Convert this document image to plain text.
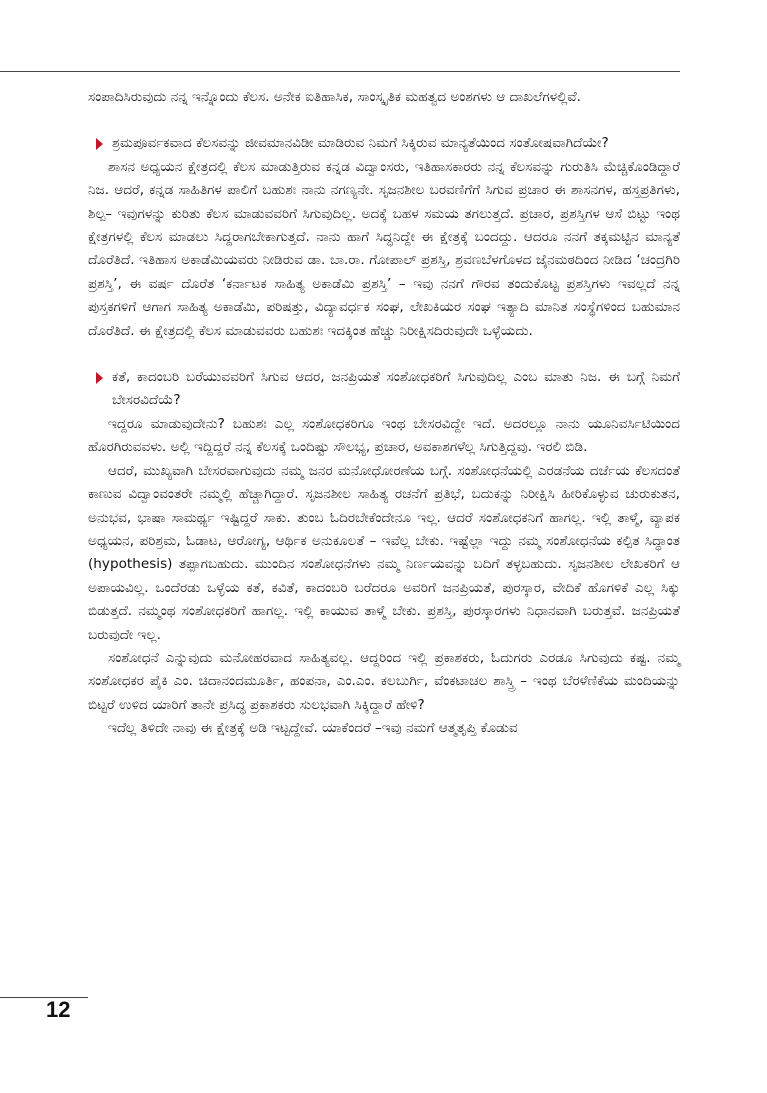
ಸಂಪಾದಿಸಿರುವುದು ನನ್ನ ಇನ್ನೊಂದು ಕೆಲಸ. ಅನೇಕ ಐತಿಹಾಸಿಕ, ಸಾಂಸ್ಕೃತಿಕ ಮಹತ್ವದ ಅಂಶಗಳು ಆ ದಾಖಲೆಗಳಲ್ಲಿವೆ.

ಶ್ರಮಪೂರ್ವಕವಾದ ಕೆಲಸವನ್ನು ಜೀವಮಾನವಿಡೀ ಮಾಡಿರುವ ನಿಮಗೆ ಸಿಕ್ಕಿರುವ ಮಾನ್ಯತೆಯಿಂದ ಸಂತೋಷವಾಗಿದೆಯೇ?

ಶಾಸನ ಅಧ್ಯಯನ ಕ್ಷೇತ್ರದಲ್ಲಿ ಕೆಲಸ ಮಾಡುತ್ತಿರುವ ಕನ್ನಡ ವಿದ್ವಾಂಸರು, ಇತಿಹಾಸಕಾರರು ನನ್ನ ಕೆಲಸವನ್ನು ಗುರುತಿಸಿ ಮೆಚ್ಚಿಕೊಂಡಿದ್ದಾರೆ ನಿಜ. ಆದರೆ, ಕನ್ನಡ ಸಾಹಿತಿಗಳ ಪಾಲಿಗೆ ಬಹುಶಃ ನಾನು ನಗಣ್ಯನೇ. ಸೃಜನಶೀಲ ಬರವಣಿಗೆಗೆ ಸಿಗುವ ಪ್ರಚಾರ ಈ ಶಾಸನಗಳ, ಹಸ್ತಪ್ರತಿಗಳು, ಶಿಲ್ಪ– ಇವುಗಳನ್ನು ಕುರಿತು ಕೆಲಸ ಮಾಡುವವರಿಗೆ ಸಿಗುವುದಿಲ್ಲ. ಅದಕ್ಕೆ ಬಹಳ ಸಮಯ ತಗಲುತ್ತದೆ. ಪ್ರಚಾರ, ಪ್ರಶಸ್ತಿಗಳ ಆಸೆ ಬಿಟ್ಟು ಇಂಥ ಕ್ಷೇತ್ರಗಳಲ್ಲಿ ಕೆಲಸ ಮಾಡಲು ಸಿದ್ದರಾಗಬೇಕಾಗುತ್ತದೆ. ನಾನು ಹಾಗೆ ಸಿದ್ಧನಿದ್ದೇ ಈ ಕ್ಷೇತ್ರಕ್ಕೆ ಬಂದದ್ದು. ಆದರೂ ನನಗೆ ತಕ್ಕಮಟ್ಟಿನ ಮಾನ್ಯತೆ ದೊರೆತಿದೆ. ಇತಿಹಾಸ ಅಕಾಡೆಮಿಯವರು ನೀಡಿರುವ ಡಾ. ಬಾ.ರಾ. ಗೋಪಾಲ್ ಪ್ರಶಸ್ತಿ, ಶ್ರವಣಬೆಳಗೊಳದ ಜೈನಮಠದಿಂದ ನೀಡಿದ ‘ಚಂದ್ರಗಿರಿ ಪ್ರಶಸ್ತಿ’, ಈ ವರ್ಷ ದೊರೆತ ‘ಕರ್ನಾಟಕ ಸಾಹಿತ್ಯ ಅಕಾಡೆಮಿ ಪ್ರಶಸ್ತಿ’ – ಇವು ನನಗೆ ಗೌರವ ತಂದುಕೊಟ್ಟ ಪ್ರಶಸ್ತಿಗಳು ಇವಲ್ಲದೆ ನನ್ನ ಪುಸ್ತಕಗಳಿಗೆ ಆಗಾಗ ಸಾಹಿತ್ಯ ಅಕಾಡೆಮಿ, ಪರಿಷತ್ತು, ವಿದ್ಯಾವರ್ಧಕ ಸಂಘ, ಲೇಖಕಿಯರ ಸಂಘ ಇತ್ಯಾದಿ ಮಾನಿತ ಸಂಸ್ಥೆಗಳಿಂದ ಬಹುಮಾನ ದೊರೆತಿದೆ. ಈ ಕ್ಷೇತ್ರದಲ್ಲಿ ಕೆಲಸ ಮಾಡುವವರು ಬಹುಶಃ ಇದಕ್ಕಿಂತ ಹೆಚ್ಚು ನಿರೀಕ್ಷಿಸದಿರುವುದೇ ಒಳ್ಳೆಯದು.

ಕತೆ, ಕಾದಂಬರಿ ಬರೆಯುವವರಿಗೆ ಸಿಗುವ ಆದರ, ಜನಪ್ರಿಯತೆ ಸಂಶೋಧಕರಿಗೆ ಸಿಗುವುದಿಲ್ಲ ಎಂಬ ಮಾತು ನಿಜ. ಈ ಬಗ್ಗೆ ನಿಮಗೆ ಬೇಸರವಿದೆಯೆ?

ಇದ್ದರೂ ಮಾಡುವುದೇನು? ಬಹುಶಃ ಎಲ್ಲ ಸಂಶೋಧಕರಿಗೂ ಇಂಥ ಬೇಸರವಿದ್ದೇ ಇದೆ. ಅದರಲ್ಲೂ ನಾನು ಯೂನಿವರ್ಸಿಟಿಯಿಂದ ಹೊರಗಿರುವವಳು. ಅಲ್ಲಿ ಇದ್ದಿದ್ದರೆ ನನ್ನ ಕೆಲಸಕ್ಕೆ ಒಂದಿಷ್ಟು ಸೌಲಭ್ಯ, ಪ್ರಚಾರ, ಅವಕಾಶಗಳೆಲ್ಲ ಸಿಗುತ್ತಿದ್ದವು. ಇರಲಿ ಬಿಡಿ.

ಆದರೆ, ಮುಖ್ಯವಾಗಿ ಬೇಸರವಾಗುವುದು ನಮ್ಮ ಜನರ ಮನೋಧೋರಣೆಯ ಬಗ್ಗೆ. ಸಂಶೋಧನೆಯಲ್ಲಿ ಎರಡನೆಯ ದರ್ಜೆಯ ಕೆಲಸದಂತೆ ಕಾಣುವ ವಿದ್ವಾಂವಂತರೇ ನಮ್ಮಲ್ಲಿ ಹೆಚ್ಚಾಗಿದ್ದಾರೆ. ಸೃಜನಶೀಲ ಸಾಹಿತ್ಯ ರಚನೆಗೆ ಪ್ರತಿಭೆ, ಬದುಕನ್ನು ನಿರೀಕ್ಷಿಸಿ ಹೀರಿಕೊಳ್ಳುವ ಚುರುಕುತನ, ಅನುಭವ, ಭಾಷಾ ಸಾಮರ್ಥ್ಯ ಇಷ್ಟಿದ್ದರೆ ಸಾಕು. ತುಂಬ ಓದಿರಬೇಕೆಂದೇನೂ ಇಲ್ಲ. ಆದರೆ ಸಂಶೋಧಕನಿಗೆ ಹಾಗಲ್ಲ. ಇಲ್ಲಿ ತಾಳ್ಮೆ, ವ್ಯಾಪಕ ಅಧ್ಯಯನ, ಪರಿಶ್ರಮ, ಓಡಾಟ, ಆರೋಗ್ಯ, ಆರ್ಥಿಕ ಅನುಕೂಲತೆ – ಇವೆಲ್ಲ ಬೇಕು. ಇಷ್ಟೆಲ್ಲಾ ಇದ್ದು ನಮ್ಮ ಸಂಶೋಧನೆಯ ಕಲ್ಪಿತ ಸಿದ್ಧಾಂತ (hypothesis) ತಪ್ಪಾಗಬಹುದು. ಮುಂದಿನ ಸಂಶೋಧನೆಗಳು ನಮ್ಮ ನಿರ್ಣಯವನ್ನು ಬದಿಗೆ ತಳ್ಳಬಹುದು. ಸೃಜನಶೀಲ ಲೇಖಕರಿಗೆ ಆ ಅಪಾಯವಿಲ್ಲ. ಒಂದೆರಡು ಒಳ್ಳೆಯ ಕತೆ, ಕವಿತೆ, ಕಾದಂಬರಿ ಬರೆದರೂ ಅವರಿಗೆ ಜನಪ್ರಿಯತೆ, ಪುರಸ್ಕಾರ, ವೇದಿಕೆ ಹೊಗಳಿಕೆ ಎಲ್ಲ ಸಿಕ್ಕು ಬಿಡುತ್ತದೆ. ನಮ್ಮಂಥ ಸಂಶೋಧಕರಿಗೆ ಹಾಗಲ್ಲ. ಇಲ್ಲಿ ಕಾಯುವ ತಾಳ್ಮೆ ಬೇಕು. ಪ್ರಶಸ್ತಿ, ಪುರಸ್ಕಾರಗಳು ನಿಧಾನವಾಗಿ ಬರುತ್ತವೆ. ಜನಪ್ರಿಯತೆ ಬರುವುದೇ ಇಲ್ಲ.

ಸಂಶೋಧನೆ ಎನ್ನುವುದು ಮನೋಹರವಾದ ಸಾಹಿತ್ಯವಲ್ಲ. ಆದ್ದರಿಂದ ಇಲ್ಲಿ ಪ್ರಕಾಶಕರು, ಓದುಗರು ಎರಡೂ ಸಿಗುವುದು ಕಷ್ಟ. ನಮ್ಮ ಸಂಶೋಧಕರ ಪೈಕಿ ಎಂ. ಚಿದಾನಂದಮೂರ್ತಿ, ಹಂಪನಾ, ಎಂ.ಎಂ. ಕಲಬುರ್ಗಿ, ವೆಂಕಟಾಚಲ ಶಾಸ್ತ್ರಿ – ಇಂಥ ಬೆರಳೆಣಿಕೆಯ ಮಂದಿಯನ್ನು ಬಿಟ್ಟರೆ ಉಳಿದ ಯಾರಿಗೆ ತಾನೇ ಪ್ರಸಿದ್ಧ ಪ್ರಕಾಶಕರು ಸುಲಭವಾಗಿ ಸಿಕ್ಕಿದ್ದಾರೆ ಹೇಳಿ?

ಇದೆಲ್ಲ ತಿಳಿದೇ ನಾವು ಈ ಕ್ಷೇತ್ರಕ್ಕೆ ಅಡಿ ಇಟ್ಟದ್ದೇವೆ. ಯಾಕೆಂದರೆ –ಇವು ನಮಗೆ ಆತ್ಮತೃಪ್ತಿ ಕೊಡುವ

12
